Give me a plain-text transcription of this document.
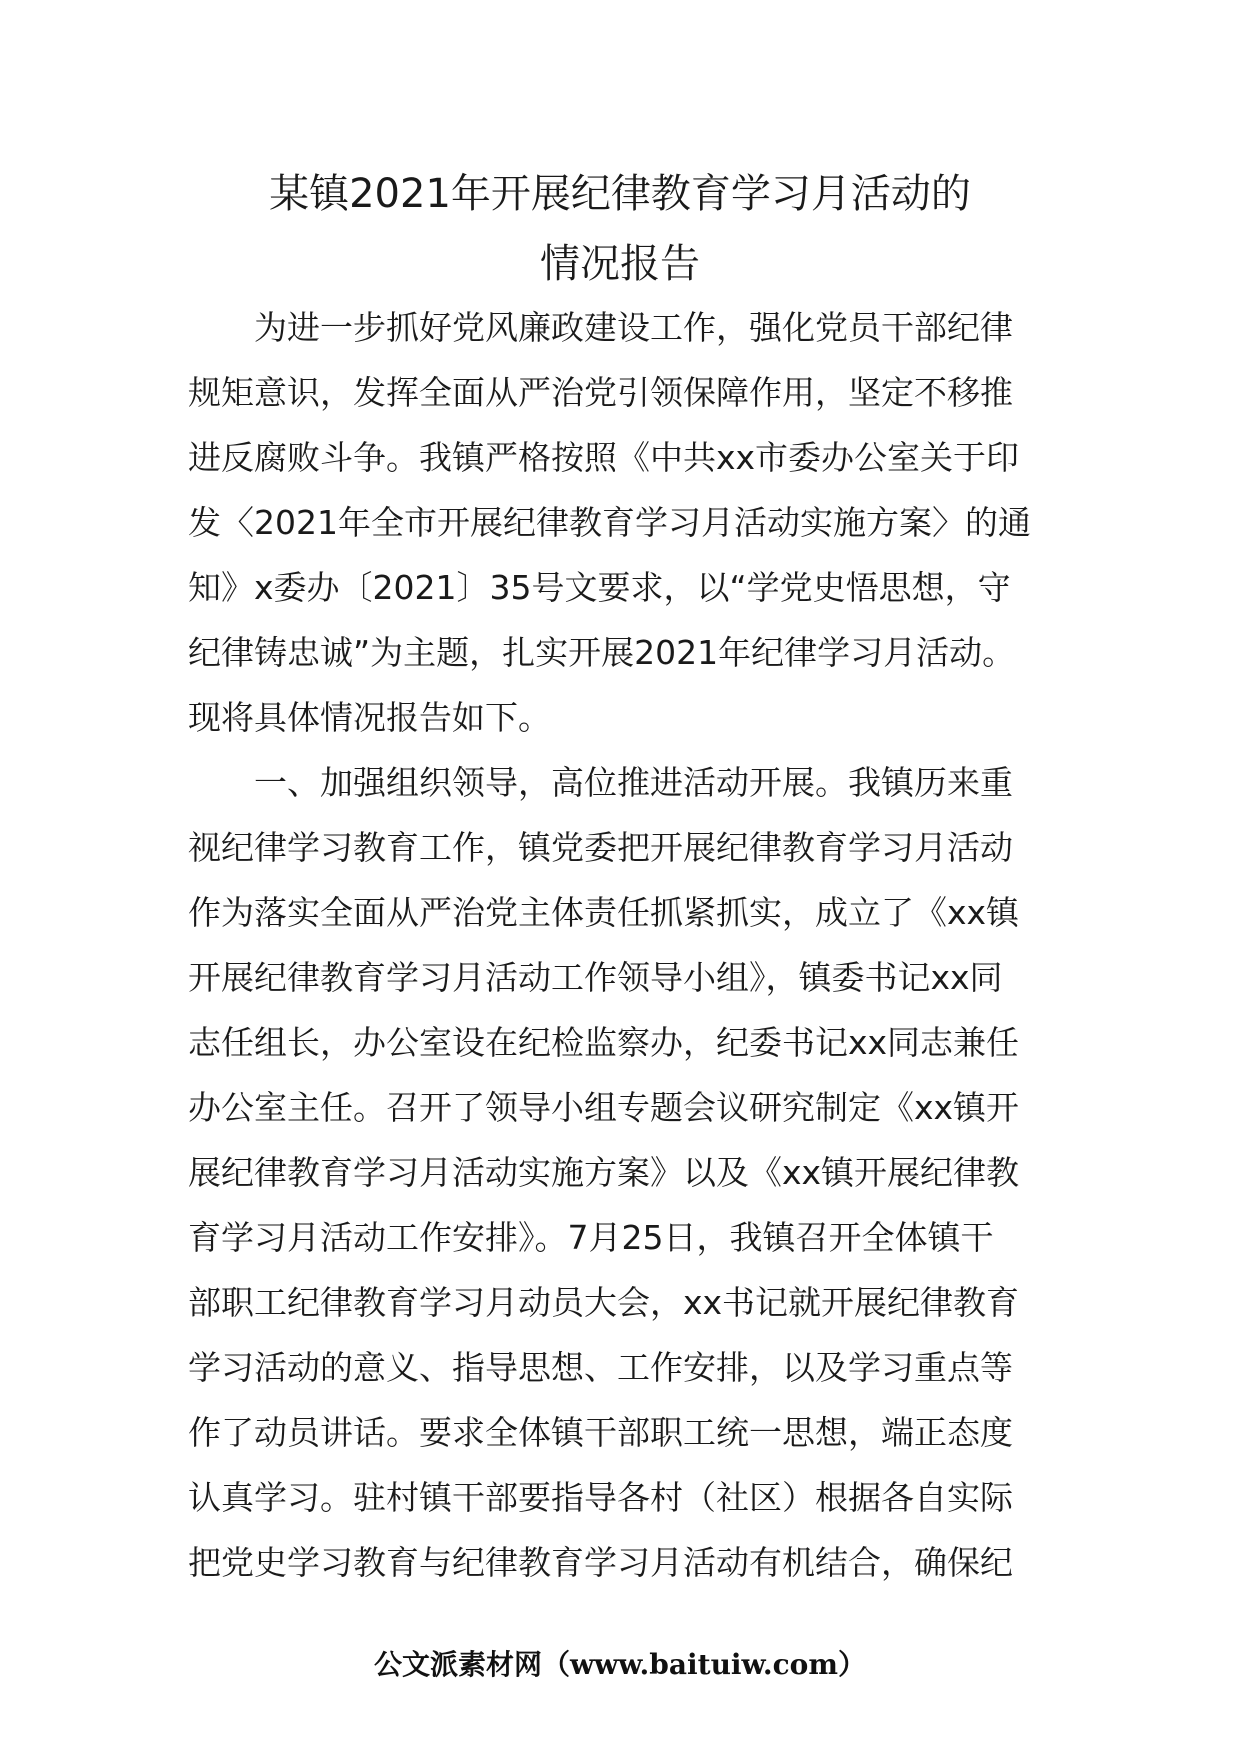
某镇2021年开展纪律教育学习月活动的
情况报告
为进一步抓好党风廉政建设工作，强化党员干部纪律
规矩意识，发挥全面从严治党引领保障作用，坚定不移推
进反腐败斗争。我镇严格按照《中共xx市委办公室关于印
发〈2021年全市开展纪律教育学习月活动实施方案〉的通
知》x委办〔2021〕35号文要求，以“学党史悟思想，守
纪律铸忠诚”为主题，扎实开展2021年纪律学习月活动。
现将具体情况报告如下。
一、加强组织领导，高位推进活动开展。我镇历来重
视纪律学习教育工作，镇党委把开展纪律教育学习月活动
作为落实全面从严治党主体责任抓紧抓实，成立了《xx镇
开展纪律教育学习月活动工作领导小组》，镇委书记xx同
志任组长，办公室设在纪检监察办，纪委书记xx同志兼任
办公室主任。召开了领导小组专题会议研究制定《xx镇开
展纪律教育学习月活动实施方案》以及《xx镇开展纪律教
育学习月活动工作安排》。7月25日，我镇召开全体镇干
部职工纪律教育学习月动员大会，xx书记就开展纪律教育
学习活动的意义、指导思想、工作安排，以及学习重点等
作了动员讲话。要求全体镇干部职工统一思想，端正态度
认真学习。驻村镇干部要指导各村（社区）根据各自实际
把党史学习教育与纪律教育学习月活动有机结合，确保纪
公文派素材网（www.baituiw.com）
